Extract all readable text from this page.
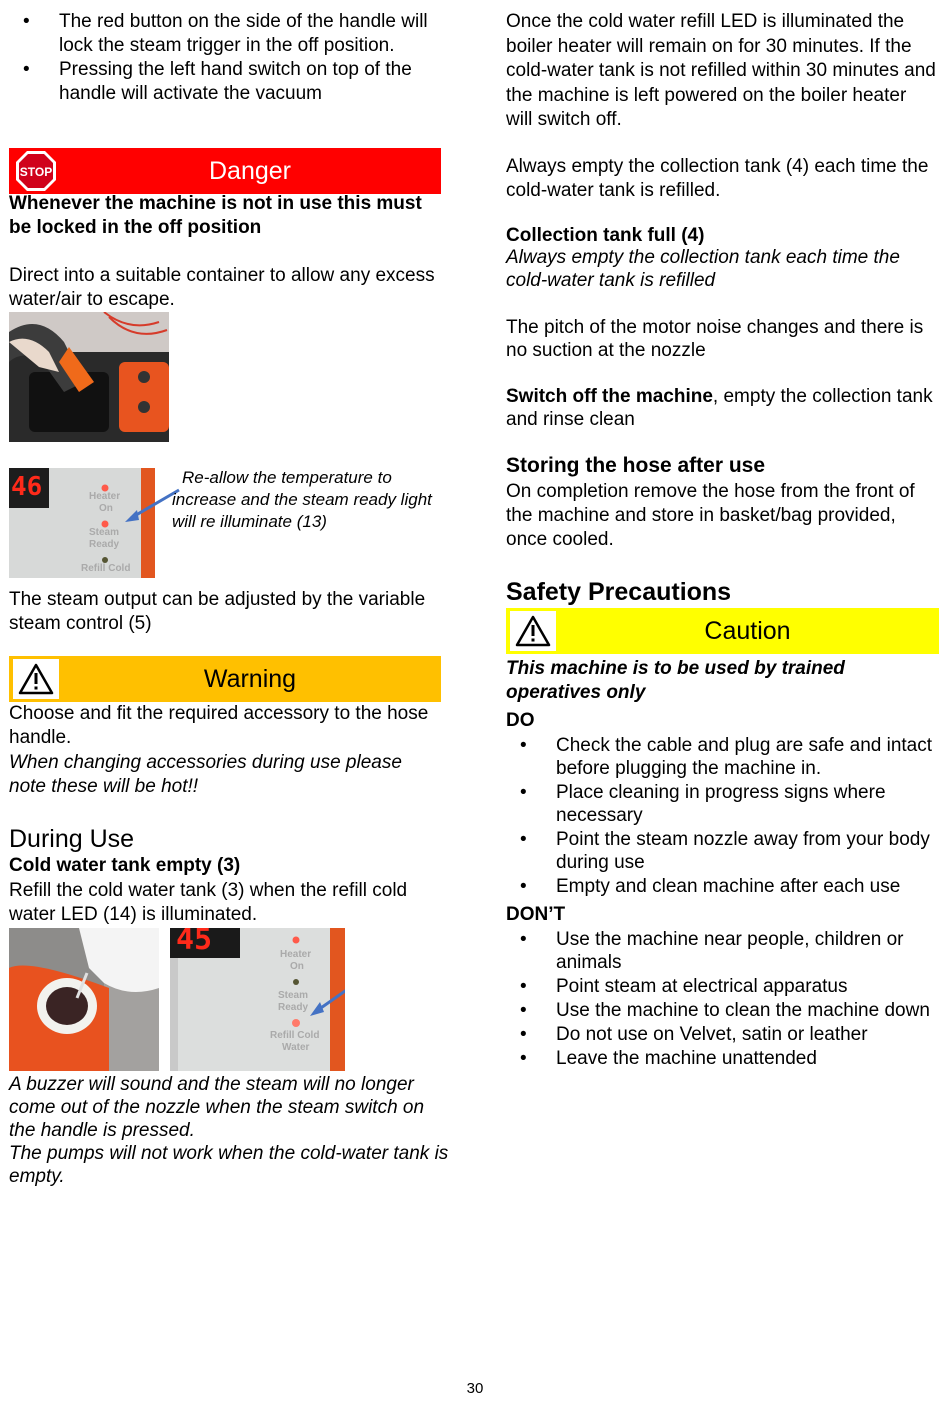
• The red button on the side of the handle will lock the steam trigger in the off position.
• Pressing the left hand switch on top of the handle will activate the vacuum
STOP	Danger

Whenever the machine is not in use this must be locked in the off position

Direct into a suitable container to allow any excess water/air to escape.

46	Heater
On
Steam
Ready
Refill Cold

Re-allow the temperature to increase and the steam ready light will re illuminate (13)

The steam output can be adjusted by the variable steam control (5)

Warning

Choose and fit the required accessory to the hose handle.

When changing accessories during use please note these will be hot!!

During Use

Cold water tank empty (3)

Refill the cold water tank (3) when the refill cold water LED (14) is illuminated.

45	Heater
On
Steam
Ready
Refill Cold
Water

A buzzer will sound and the steam will no longer come out of the nozzle when the steam switch on the handle is pressed.

The pumps will not work when the cold-water tank is empty.

Once the cold water refill LED is illuminated the boiler heater will remain on for 30 minutes. If the cold-water tank is not refilled within 30 minutes and the machine is left powered on the boiler heater will switch off.

Always empty the collection tank (4) each time the cold-water tank is refilled.

Collection tank full (4)

Always empty the collection tank each time the cold-water tank is refilled

The pitch of the motor noise changes and there is no suction at the nozzle

Switch off the machine, empty the collection tank and rinse clean

Storing the hose after use

On completion remove the hose from the front of the machine and store in basket/bag provided, once cooled.

Safety Precautions

Caution

This machine is to be used by trained operatives only

DO

• Check the cable and plug are safe and intact before plugging the machine in.
• Place cleaning in progress signs where necessary
• Point the steam nozzle away from your body during use
• Empty and clean machine after each use

DON’T

• Use the machine near people, children or animals
• Point steam at electrical apparatus
• Use the machine to clean the machine down
• Do not use on Velvet, satin or leather
• Leave the machine unattended
30
